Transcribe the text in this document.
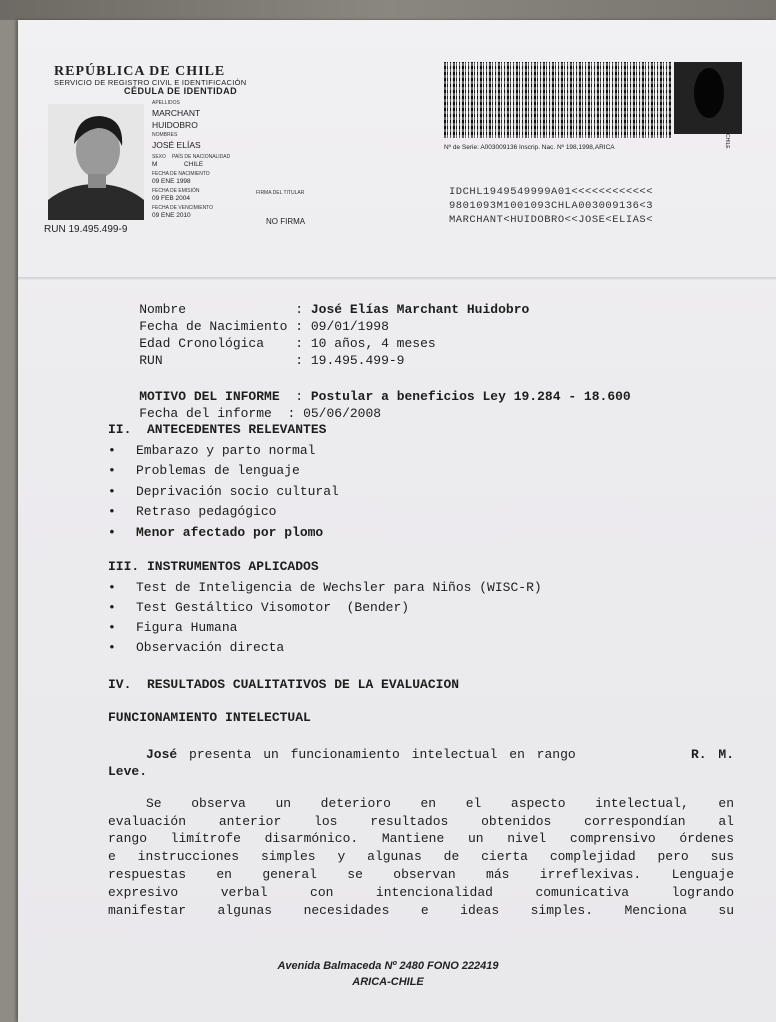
REPÚBLICA DE CHILE
SERVICIO DE REGISTRO CIVIL E IDENTIFICACIÓN
CÉDULA DE IDENTIDAD
APELLIDOS
MARCHANT
HUIDOBRO
NOMBRES
JOSÉ ELÍAS
SEXO PAÍS DE NACIONALIDAD
M	CHILE
FECHA DE NACIMIENTO
09 ENE 1998
FECHA DE EMISIÓN
09 FEB 2004
FECHA DE VENCIMIENTO
09 ENE 2010
FIRMA DEL TITULAR
NO FIRMA
RUN 19.495.499-9
CHILE
Nº de Serie: A003009136 Inscrip. Nac. Nº 198,1998,ARICA
IDCHL1949549999A01<<<<<<<<<<<<
9801093M1001093CHLA003009136<3
MARCHANT<HUIDOBRO<<JOSE<ELIAS<

Nombre              : José Elías Marchant Huidobro

Fecha de Nacimiento : 09/01/1998

Edad Cronológica    : 10 años, 4 meses

RUN                 : 19.495.499-9

MOTIVO DEL INFORME  : Postular a beneficios Ley 19.284 - 18.600

Fecha del informe  : 05/06/2008

II.  ANTECEDENTES RELEVANTES
• Embarazo y parto normal
• Problemas de lenguaje
• Deprivación socio cultural
• Retraso pedagógico
• Menor afectado por plomo
III. INSTRUMENTOS APLICADOS
• Test de Inteligencia de Wechsler para Niños (WISC-R)
• Test Gestáltico Visomotor  (Bender)
• Figura Humana
• Observación directa
IV.  RESULTADOS CUALITATIVOS DE LA EVALUACION
FUNCIONAMIENTO INTELECTUAL
José presenta un funcionamiento intelectual en rango	R. M.
Leve.
Se observa un deterioro en el aspecto intelectual, en
evaluación anterior los resultados obtenidos correspondían al
rango limítrofe disarmónico. Mantiene un nivel comprensivo órdenes
e instrucciones simples y algunas de cierta complejidad pero sus
respuestas en general se observan más irreflexivas. Lenguaje
expresivo verbal con intencionalidad comunicativa logrando
manifestar algunas necesidades e ideas simples. Menciona su
Avenida Balmaceda Nº 2480 FONO 222419
ARICA-CHILE
